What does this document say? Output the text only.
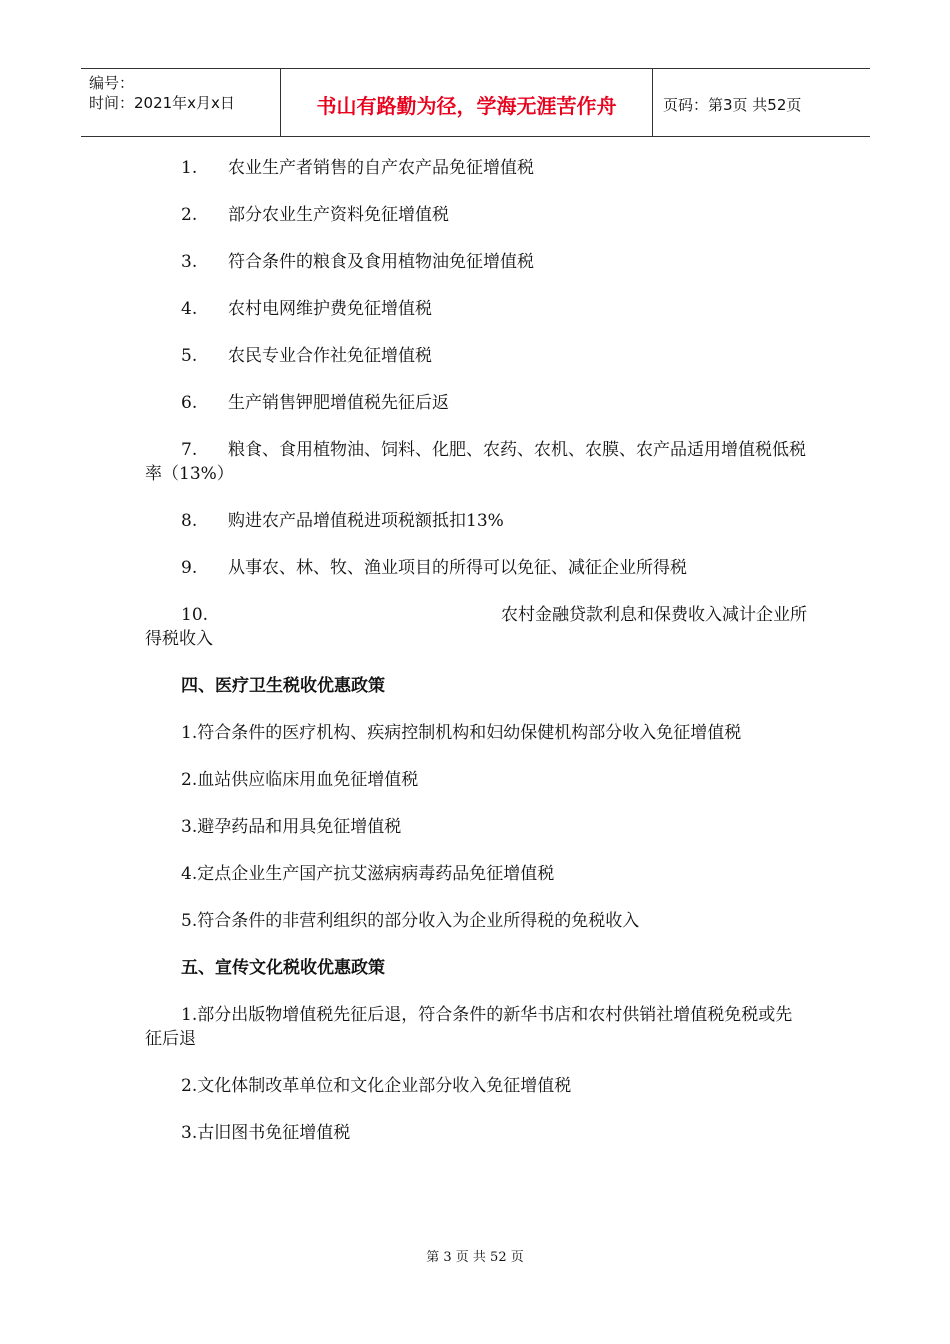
编号：
时间：2021年x月x日	书山有路勤为径，学海无涯苦作舟	页码：第3页 共52页
1.	农业生产者销售的自产农产品免征增值税
2.	部分农业生产资料免征增值税
3.	符合条件的粮食及食用植物油免征增值税
4.	农村电网维护费免征增值税
5.	农民专业合作社免征增值税
6.	生产销售钾肥增值税先征后返
7. 粮食、食用植物油、饲料、化肥、农药、农机、农膜、农产品适用增值税低税率（13%）
8.	购进农产品增值税进项税额抵扣13%
9.	从事农、林、牧、渔业项目的所得可以免征、减征企业所得税
10.	农村金融贷款利息和保费收入减计企业所
得税收入
四、医疗卫生税收优惠政策
1.符合条件的医疗机构、疾病控制机构和妇幼保健机构部分收入免征增值税
2.血站供应临床用血免征增值税
3.避孕药品和用具免征增值税
4.定点企业生产国产抗艾滋病病毒药品免征增值税
5.符合条件的非营利组织的部分收入为企业所得税的免税收入
五、宣传文化税收优惠政策
1.部分出版物增值税先征后退，符合条件的新华书店和农村供销社增值税免税或先征后退
2.文化体制改革单位和文化企业部分收入免征增值税
3.古旧图书免征增值税
第 3 页 共 52 页
